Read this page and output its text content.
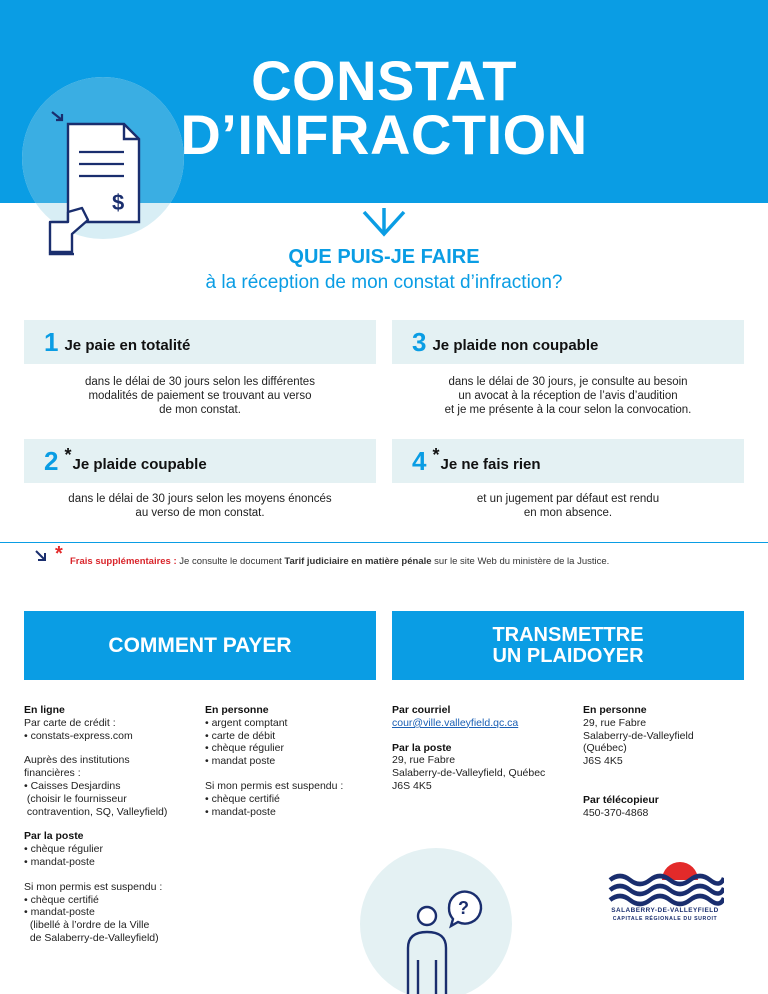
$
CONSTAT
D’INFRACTION
QUE PUIS-JE FAIRE
à la réception de mon constat d’infraction?
1 Je paie en totalité
dans le délai de 30 jours selon les différentes
modalités de paiement se trouvant au verso
de mon constat.
3 Je plaide non coupable
dans le délai de 30 jours, je consulte au besoin
un avocat à la réception de l’avis d’audition
et je me présente à la cour selon la convocation.
2 * Je plaide coupable
dans le délai de 30 jours selon les moyens énoncés
au verso de mon constat.
4 * Je ne fais rien
et un jugement par défaut est rendu
en mon absence.
* Frais supplémentaires : Je consulte le document Tarif judiciaire en matière pénale sur le site Web du ministère de la Justice.
COMMENT PAYER	TRANSMETTRE
UN PLAIDOYER
En ligne
Par carte de crédit :
• constats-express.com
Auprès des institutions
financières :
• Caisses Desjardins
(choisir le fournisseur
contravention, SQ, Valleyfield)
Par la poste
• chèque régulier
• mandat-poste
Si mon permis est suspendu :
• chèque certifié
• mandat-poste
(libellé à l’ordre de la Ville
de Salaberry-de-Valleyfield)
En personne
• argent comptant
• carte de débit
• chèque régulier
• mandat poste
Si mon permis est suspendu :
• chèque certifié
• mandat-poste
Par courriel
cour@ville.valleyfield.qc.ca
Par la poste
29, rue Fabre
Salaberry-de-Valleyfield, Québec
J6S 4K5
En personne
29, rue Fabre
Salaberry-de-Valleyfield
(Québec)
J6S 4K5
Par télécopieur
450-370-4868
?	SALABERRY-DE-VALLEYFIELD
CAPITALE RÉGIONALE DU SUROIT
